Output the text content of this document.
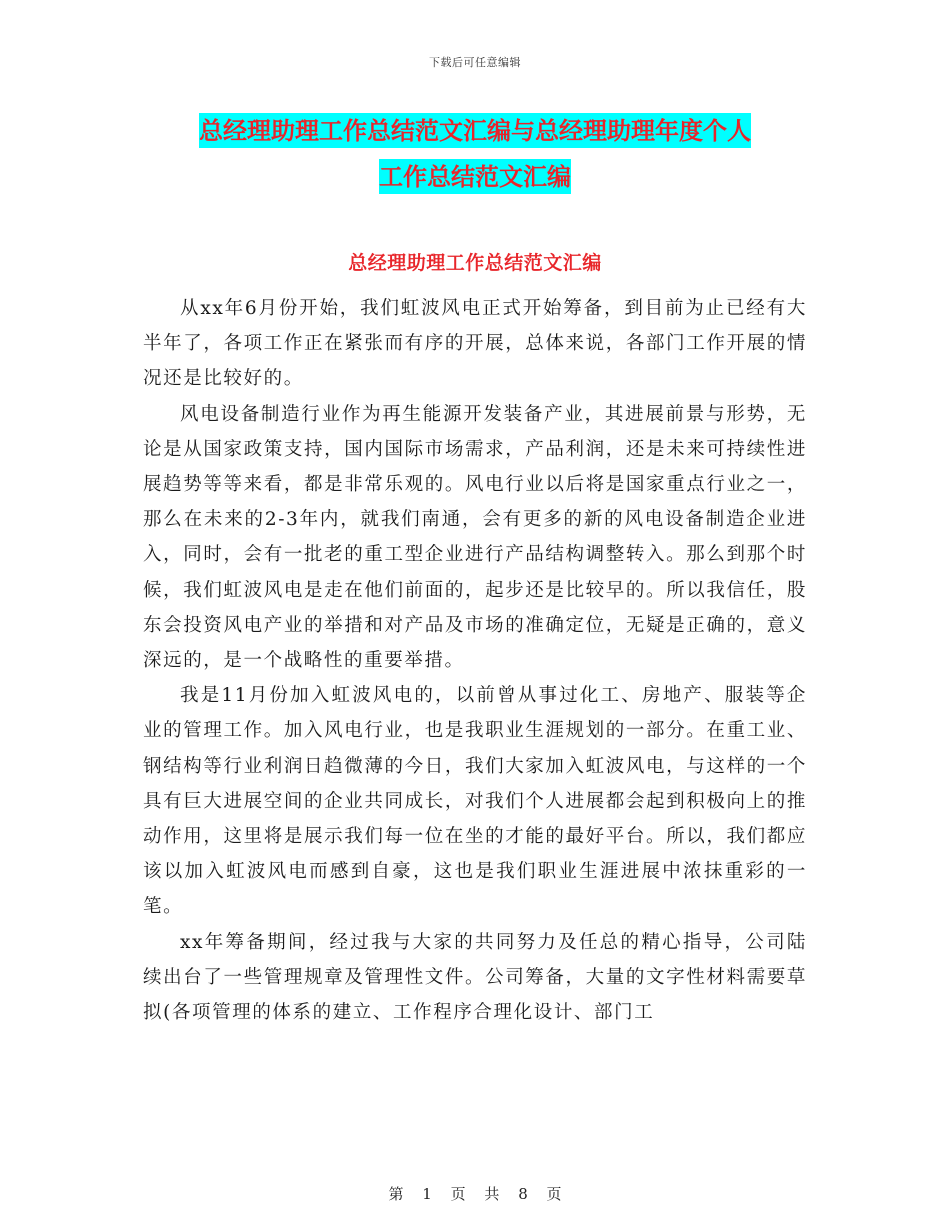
下载后可任意编辑
总经理助理工作总结范文汇编与总经理助理年度个人
工作总结范文汇编
总经理助理工作总结范文汇编

从xx年6月份开始，我们虹波风电正式开始筹备，到目前为止已经有大半年了，各项工作正在紧张而有序的开展，总体来说，各部门工作开展的情况还是比较好的。

风电设备制造行业作为再生能源开发装备产业，其进展前景与形势，无论是从国家政策支持，国内国际市场需求，产品利润，还是未来可持续性进展趋势等等来看，都是非常乐观的。风电行业以后将是国家重点行业之一，那么在未来的2-3年内，就我们南通，会有更多的新的风电设备制造企业进入，同时，会有一批老的重工型企业进行产品结构调整转入。那么到那个时候，我们虹波风电是走在他们前面的，起步还是比较早的。所以我信任，股东会投资风电产业的举措和对产品及市场的准确定位，无疑是正确的，意义深远的，是一个战略性的重要举措。

我是11月份加入虹波风电的，以前曾从事过化工、房地产、服装等企业的管理工作。加入风电行业，也是我职业生涯规划的一部分。在重工业、钢结构等行业利润日趋微薄的今日，我们大家加入虹波风电，与这样的一个具有巨大进展空间的企业共同成长，对我们个人进展都会起到积极向上的推动作用，这里将是展示我们每一位在坐的才能的最好平台。所以，我们都应该以加入虹波风电而感到自豪，这也是我们职业生涯进展中浓抹重彩的一笔。

xx年筹备期间，经过我与大家的共同努力及任总的精心指导，公司陆续出台了一些管理规章及管理性文件。公司筹备，大量的文字性材料需要草拟(各项管理的体系的建立、工作程序合理化设计、部门工

第 1 页 共 8 页
